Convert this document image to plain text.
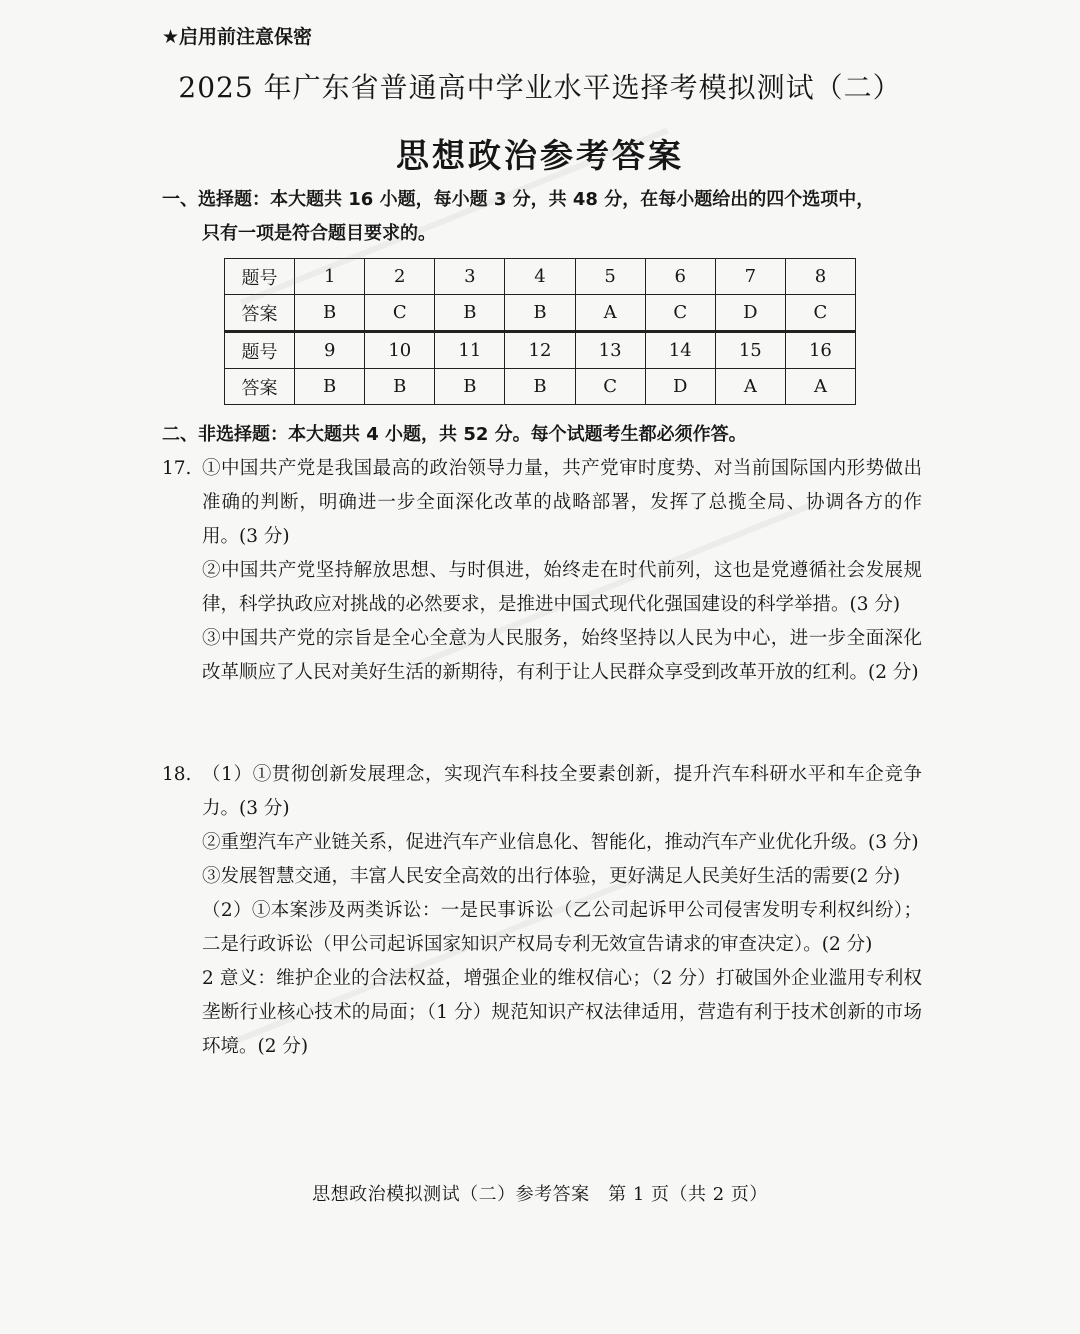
★启用前注意保密
2025 年广东省普通高中学业水平选择考模拟测试（二）
思想政治参考答案
一、选择题：本大题共 16 小题，每小题 3 分，共 48 分，在每小题给出的四个选项中，
只有一项是符合题目要求的。
题号	1	2	3	4	5	6	7	8
答案	B	C	B	B	A	C	D	C
题号	9	10	11	12	13	14	15	16
答案	B	B	B	B	C	D	A	A
二、非选择题：本大题共 4 小题，共 52 分。每个试题考生都必须作答。
17. ①中国共产党是我国最高的政治领导力量，共产党审时度势、对当前国际国内形势做出准确的判断，明确进一步全面深化改革的战略部署，发挥了总揽全局、协调各方的作用。(3 分)

②中国共产党坚持解放思想、与时俱进，始终走在时代前列，这也是党遵循社会发展规律，科学执政应对挑战的必然要求，是推进中国式现代化强国建设的科学举措。(3 分)

③中国共产党的宗旨是全心全意为人民服务，始终坚持以人民为中心，进一步全面深化改革顺应了人民对美好生活的新期待，有利于让人民群众享受到改革开放的红利。(2 分)

18. （1）①贯彻创新发展理念，实现汽车科技全要素创新，提升汽车科研水平和车企竞争力。(3 分)

②重塑汽车产业链关系，促进汽车产业信息化、智能化，推动汽车产业优化升级。(3 分)

③发展智慧交通，丰富人民安全高效的出行体验，更好满足人民美好生活的需要(2 分)

（2）①本案涉及两类诉讼：一是民事诉讼（乙公司起诉甲公司侵害发明专利权纠纷）；二是行政诉讼（甲公司起诉国家知识产权局专利无效宣告请求的审查决定）。(2 分)

2 意义：维护企业的合法权益，增强企业的维权信心；（2 分）打破国外企业滥用专利权垄断行业核心技术的局面；（1 分）规范知识产权法律适用，营造有利于技术创新的市场环境。(2 分)

思想政治模拟测试（二）参考答案　第 1 页（共 2 页）
